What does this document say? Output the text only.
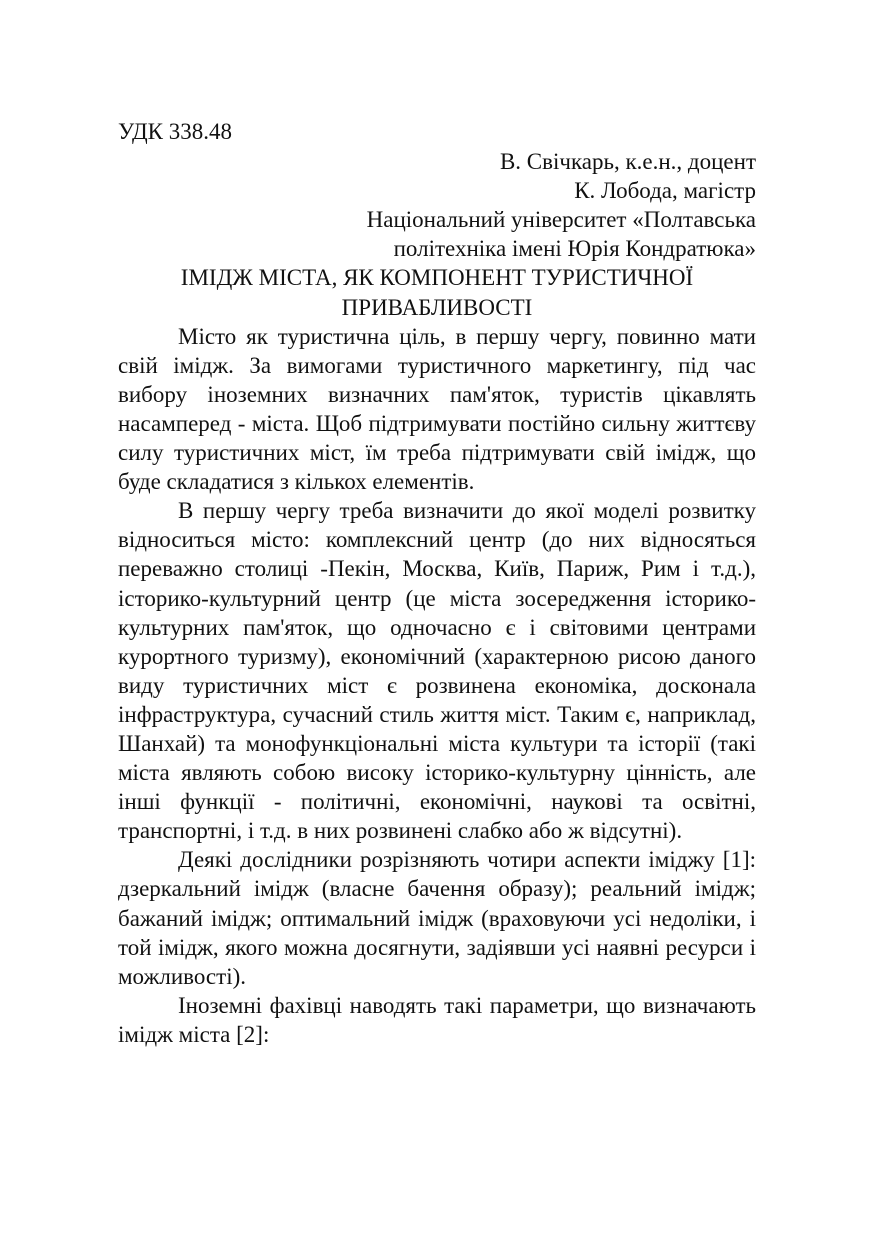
УДК 338.48
В. Свічкарь, к.е.н., доцент
К. Лобода, магістр
Національний університет «Полтавська
політехніка імені Юрія Кондратюка»
ІМІДЖ МІСТА, ЯК КОМПОНЕНТ ТУРИСТИЧНОЇ
ПРИВАБЛИВОСТІ

Місто як туристична ціль, в першу чергу, повинно мати свій імідж. За вимогами туристичного маркетингу, під час вибору іноземних визначних пам'яток, туристів цікавлять насамперед - міста. Щоб підтримувати постійно сильну життєву силу туристичних міст, їм треба підтримувати свій імідж, що буде складатися з кількох елементів.

В першу чергу треба визначити до якої моделі розвитку відноситься місто: комплексний центр (до них відносяться переважно столиці -Пекін, Москва, Київ, Париж, Рим і т.д.), історико-культурний центр (це міста зосередження історико-культурних пам'яток, що одночасно є і світовими центрами курортного туризму), економічний (характерною рисою даного виду туристичних міст є розвинена економіка, досконала інфраструктура, сучасний стиль життя міст. Таким є, наприклад, Шанхай) та монофункціональні міста культури та історії (такі міста являють собою високу історико-культурну цінність, але інші функції - політичні, економічні, наукові та освітні, транспортні, і т.д. в них розвинені слабко або ж відсутні).

Деякі дослідники розрізняють чотири аспекти іміджу [1]: дзеркальний імідж (власне бачення образу); реальний імідж; бажаний імідж; оптимальний імідж (враховуючи усі недоліки, і той імідж, якого можна досягнути, задіявши усі наявні ресурси і можливості).

Іноземні фахівці наводять такі параметри, що визначають імідж міста [2]:
